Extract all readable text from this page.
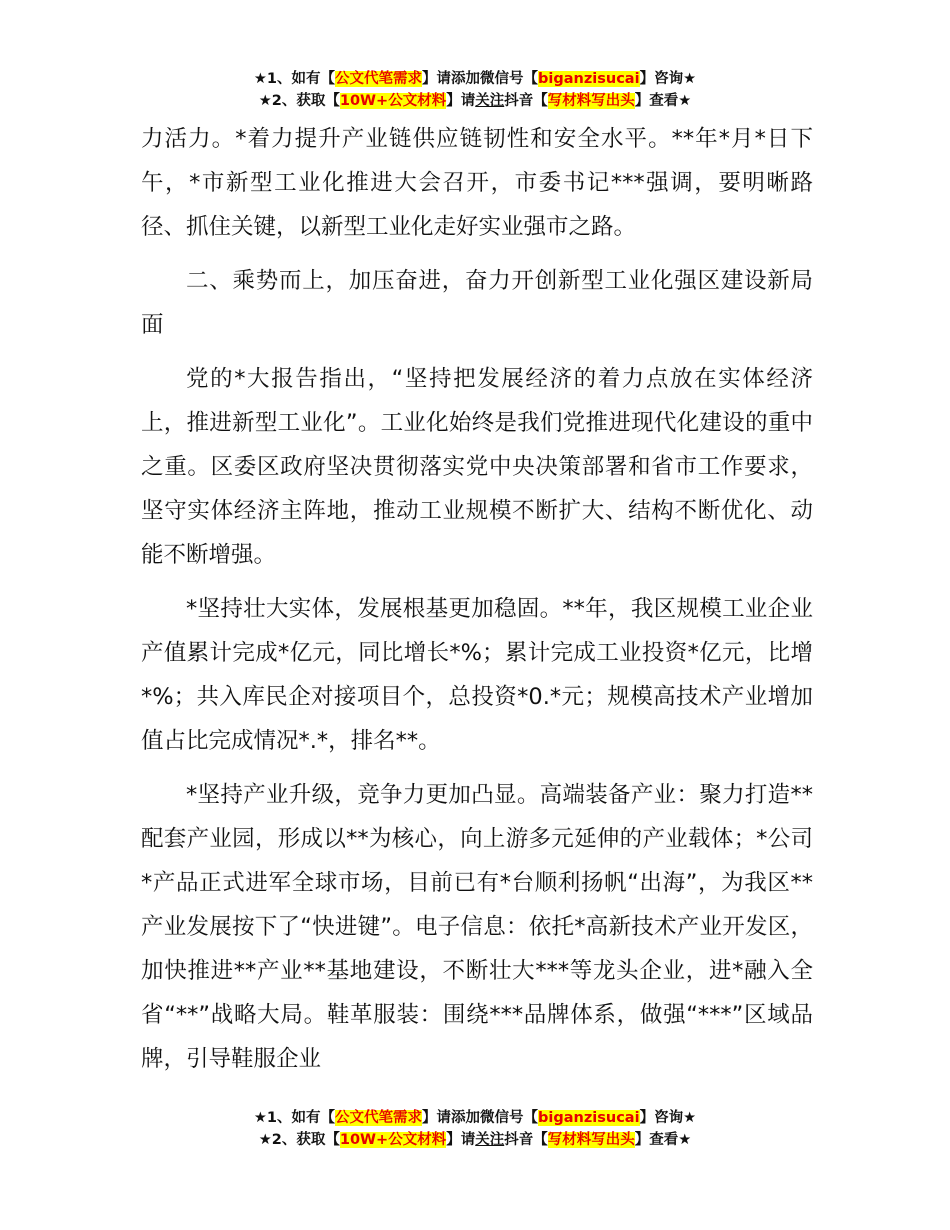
★1、如有【公文代笔需求】请添加微信号【biganzisucai】咨询★
★2、获取【10W+公文材料】请关注抖音【写材料写出头】查看★

力活力。*着力提升产业链供应链韧性和安全水平。**年*月*日下午，*市新型工业化推进大会召开，市委书记***强调，要明晰路径、抓住关键，以新型工业化走好实业强市之路。

二、乘势而上，加压奋进，奋力开创新型工业化强区建设新局面

党的*大报告指出，“坚持把发展经济的着力点放在实体经济上，推进新型工业化”。工业化始终是我们党推进现代化建设的重中之重。区委区政府坚决贯彻落实党中央决策部署和省市工作要求，坚守实体经济主阵地，推动工业规模不断扩大、结构不断优化、动能不断增强。

*坚持壮大实体，发展根基更加稳固。**年，我区规模工业企业产值累计完成*亿元，同比增长*%；累计完成工业投资*亿元，比增*%；共入库民企对接项目个，总投资*0.*元；规模高技术产业增加值占比完成情况*.*，排名**。

*坚持产业升级，竞争力更加凸显。高端装备产业：聚力打造**配套产业园，形成以**为核心，向上游多元延伸的产业载体；*公司*产品正式进军全球市场，目前已有*台顺利扬帆“出海”，为我区**产业发展按下了“快进键”。电子信息：依托*高新技术产业开发区，加快推进**产业**基地建设，不断壮大***等龙头企业，进*融入全省“**”战略大局。鞋革服装：围绕***品牌体系，做强“***”区域品牌，引导鞋服企业

★1、如有【公文代笔需求】请添加微信号【biganzisucai】咨询★
★2、获取【10W+公文材料】请关注抖音【写材料写出头】查看★
